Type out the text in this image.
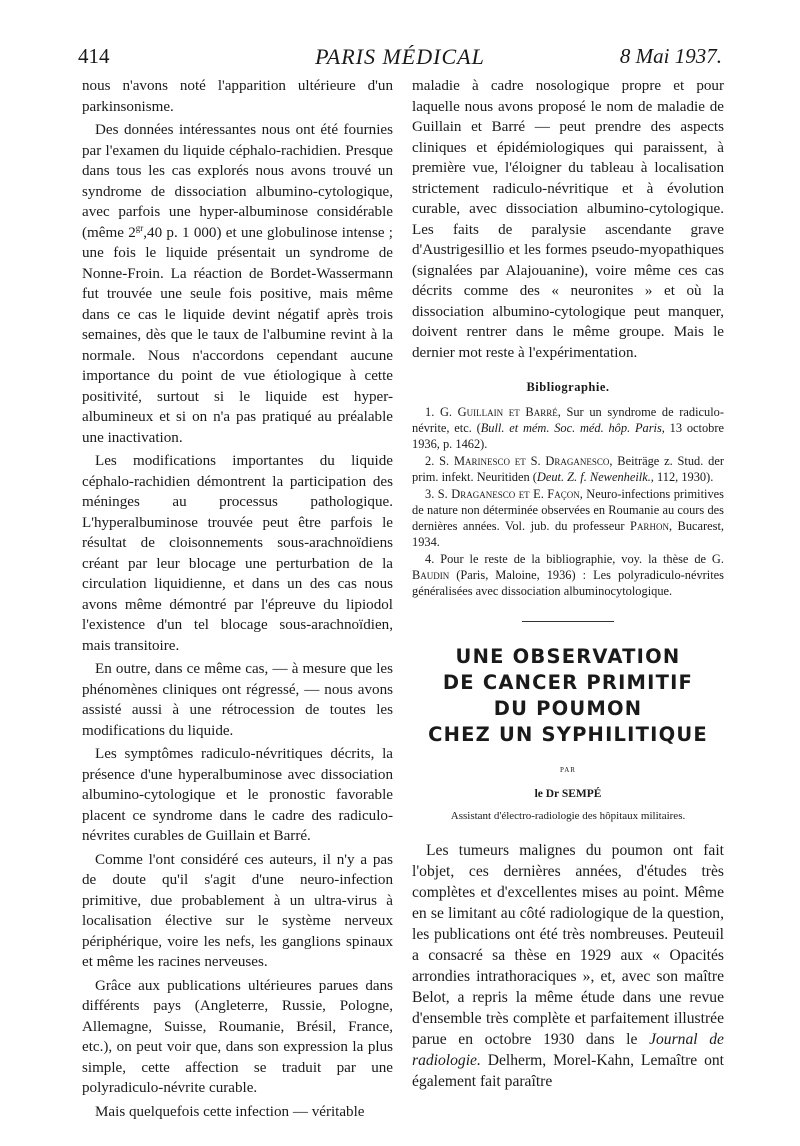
414	PARIS MÉDICAL	8 Mai 1937.

nous n'avons noté l'apparition ultérieure d'un parkinsonisme.

Des données intéressantes nous ont été fournies par l'examen du liquide céphalo-rachidien. Presque dans tous les cas explorés nous avons trouvé un syndrome de dissociation albumino-cytologique, avec parfois une hyper-albuminose considérable (même $2^{gr},40$ p. 1 000) et une globulinose intense ; une fois le liquide présentait un syndrome de Nonne-Froin. La réaction de Bordet-Wassermann fut trouvée une seule fois positive, mais même dans ce cas le liquide devint négatif après trois semaines, dès que le taux de l'albumine revint à la normale. Nous n'accordons cependant aucune importance du point de vue étiologique à cette positivité, surtout si le liquide est hyper-albumineux et si on n'a pas pratiqué au préalable une inactivation.

Les modifications importantes du liquide céphalo-rachidien démontrent la participation des méninges au processus pathologique. L'hyperalbuminose trouvée peut être parfois le résultat de cloisonnements sous-arachnoïdiens créant par leur blocage une perturbation de la circulation liquidienne, et dans un des cas nous avons même démontré par l'épreuve du lipiodol l'existence d'un tel blocage sous-arachnoïdien, mais transitoire.

En outre, dans ce même cas, — à mesure que les phénomènes cliniques ont régressé, — nous avons assisté aussi à une rétrocession de toutes les modifications du liquide.

Les symptômes radiculo-névritiques décrits, la présence d'une hyperalbuminose avec dissociation albumino-cytologique et le pronostic favorable placent ce syndrome dans le cadre des radiculo-névrites curables de Guillain et Barré.

Comme l'ont considéré ces auteurs, il n'y a pas de doute qu'il s'agit d'une neuro-infection primitive, due probablement à un ultra-virus à localisation élective sur le système nerveux périphérique, voire les nefs, les ganglions spinaux et même les racines nerveuses.

Grâce aux publications ultérieures parues dans différents pays (Angleterre, Russie, Pologne, Allemagne, Suisse, Roumanie, Brésil, France, etc.), on peut voir que, dans son expression la plus simple, cette affection se traduit par une polyradiculo-névrite curable.

Mais quelquefois cette infection — véritable

maladie à cadre nosologique propre et pour laquelle nous avons proposé le nom de maladie de Guillain et Barré — peut prendre des aspects cliniques et épidémiologiques qui paraissent, à première vue, l'éloigner du tableau à localisation strictement radiculo-névritique et à évolution curable, avec dissociation albumino-cytologique. Les faits de paralysie ascendante grave d'Austrigesillio et les formes pseudo-myopathiques (signalées par Alajouanine), voire même ces cas décrits comme des « neuronites » et où la dissociation albumino-cytologique peut manquer, doivent rentrer dans le même groupe. Mais le dernier mot reste à l'expérimentation.

Bibliographie.

1. G. Guillain et Barré, Sur un syndrome de radiculo-névrite, etc. (Bull. et mém. Soc. méd. hôp. Paris, 13 octobre 1936, p. 1462).

2. S. Marinesco et S. Draganesco, Beiträge z. Stud. der prim. infekt. Neuritiden (Deut. Z. f. Newenheilk., 112, 1930).

3. S. Draganesco et E. Façon, Neuro-infections primitives de nature non déterminée observées en Roumanie au cours des dernières années. Vol. jub. du professeur Parhon, Bucarest, 1934.

4. Pour le reste de la bibliographie, voy. la thèse de G. Baudin (Paris, Maloine, 1936) : Les polyradiculo-névrites généralisées avec dissociation albuminocytologique.

UNE OBSERVATION
DE CANCER PRIMITIF
DU POUMON
CHEZ UN SYPHILITIQUE
PAR
le Dr SEMPÉ
Assistant d'électro-radiologie des hôpitaux militaires.

Les tumeurs malignes du poumon ont fait l'objet, ces dernières années, d'études très complètes et d'excellentes mises au point. Même en se limitant au côté radiologique de la question, les publications ont été très nombreuses. Peuteuil a consacré sa thèse en 1929 aux « Opacités arrondies intrathoraciques », et, avec son maître Belot, a repris la même étude dans une revue d'ensemble très complète et parfaitement illustrée parue en octobre 1930 dans le Journal de radiologie. Delherm, Morel-Kahn, Lemaître ont également fait paraître
